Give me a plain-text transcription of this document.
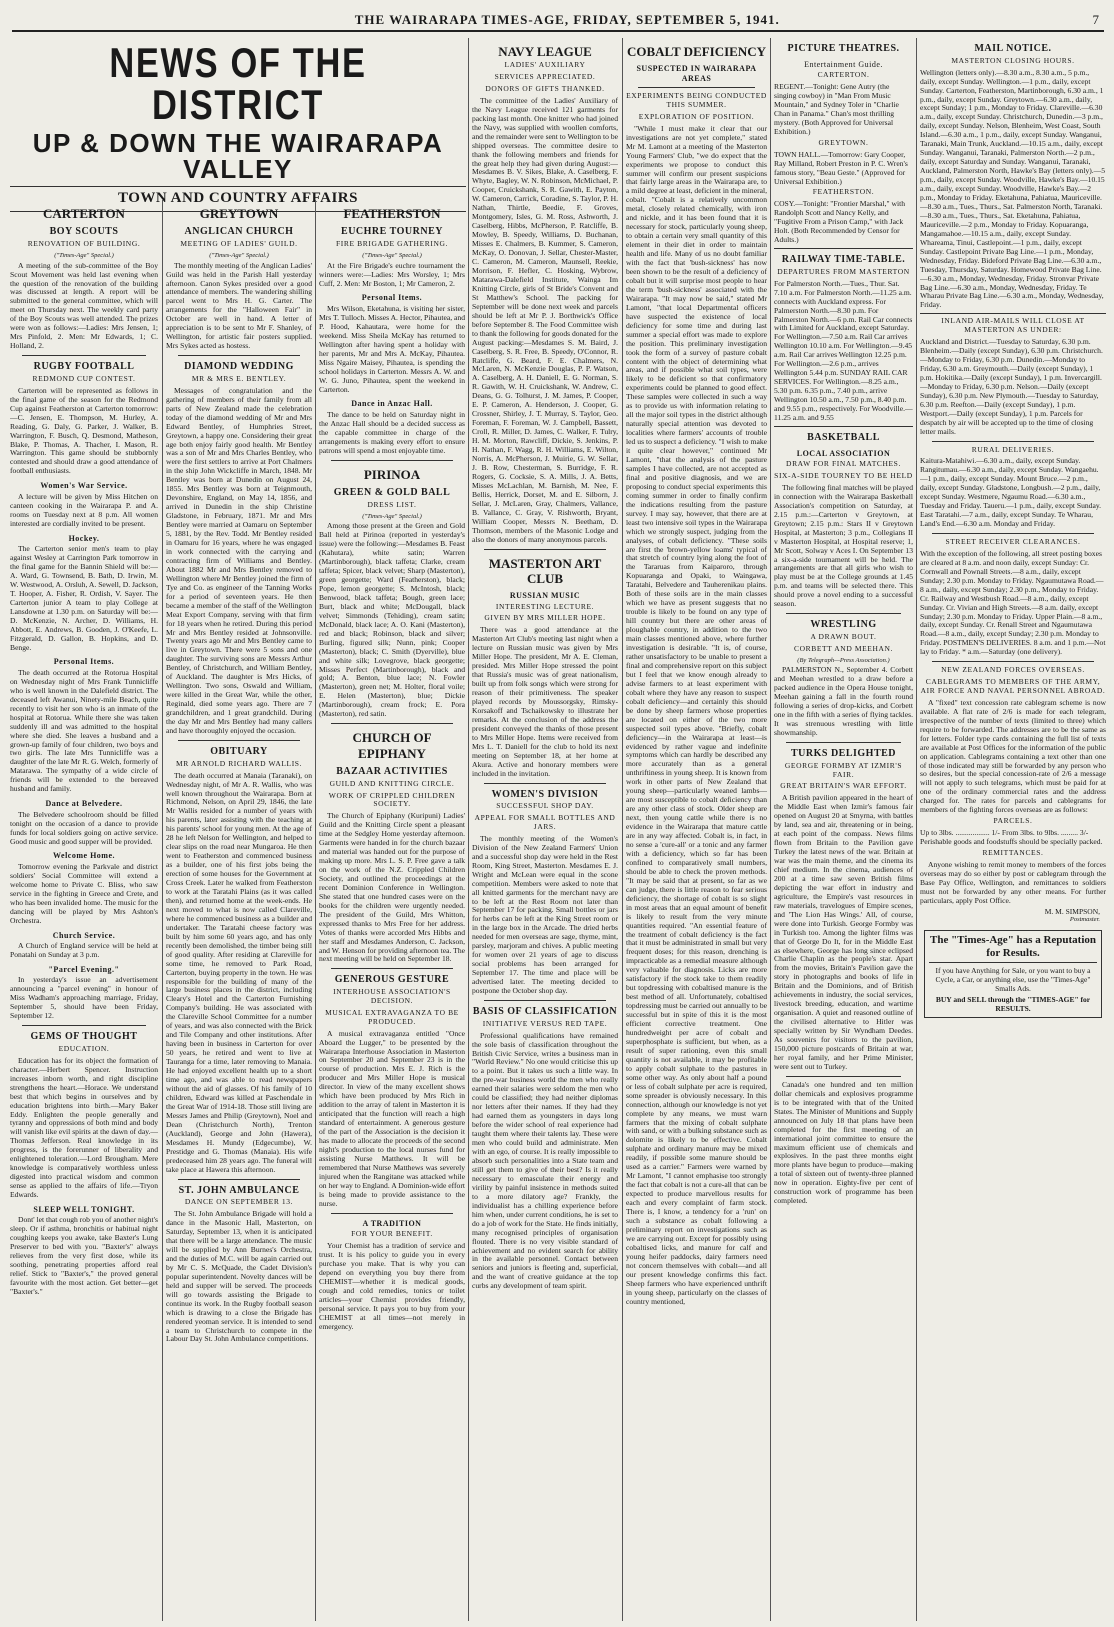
THE WAIRARAPA TIMES-AGE, FRIDAY, SEPTEMBER 5, 1941.	7
NEWS OF THE DISTRICT
UP & DOWN THE WAIRARAPA VALLEY
TOWN AND COUNTRY AFFAIRS
CARTERTON
BOY SCOUTS
RENOVATION OF BUILDING.
("Times-Age" Special.)

A meeting of the sub-committee of the Boy Scout Movement was held last evening when the question of the renovation of the building was discussed at length. A report will be submitted to the general committee, which will meet on Thursday next. The weekly card party of the Boy Scouts was well attended. The prizes were won as follows:—Ladies: Mrs Jensen, 1; Mrs Pinfold, 2. Men: Mr Edwards, 1; C. Holland, 2.

RUGBY FOOTBALL
REDMOND CUP CONTEST.

Carterton will be represented as follows in the final game of the season for the Redmond Cup against Featherston at Carterton tomorrow:—C. Jensen, E. Thompson, M. Hurley, A. Reading, G. Daly, G. Parker, J. Walker, B. Warrington, F. Busch, Q. Desmond, Matheson, Blake, P. Thomas, A. Thacher, I. Mason, R. Warrington. This game should be stubbornly contested and should draw a good attendance of football enthusiasts.

Women's War Service.

A lecture will be given by Miss Hitchen on canteen cooking in the Wairarapa P. and A. rooms on Tuesday next at 8 p.m. All women interested are cordially invited to be present.

Hockey.

The Carterton senior men's team to play against Wesley at Carrington Park tomorrow in the final game for the Bannin Shield will be:—A. Ward, G. Townsend, B. Bath, D. Irwin, M. W. Westwood, A. Orsluh, A. Sewell, D. Jackson, T. Hooper, A. Fisher, R. Ordish, V. Sayer. The Carterton junior A team to play College at Lansdowne at 1.30 p.m. on Saturday will be:—D. McKenzie, N. Archer, D. Williams, H. Abbott, E. Andrews, B. Gooden, J. O'Keefe, L. Fitzgerald, D. Gallon, B. Hopkins, and D. Benge.

Personal Items.

The death occurred at the Rotorua Hospital on Wednesday night of Mrs Frank Tunnicliffe who is well known in the Dalefield district. The deceased left Awanui, Ninety-mile Beach, quite recently to visit her son who is an inmate of the hospital at Rotorua. While there she was taken suddenly ill and was admitted to the hospital where she died. She leaves a husband and a grown-up family of four children, two boys and two girls. The late Mrs Tunnicliffe was a daughter of the late Mr R. G. Welch, formerly of Matarawa. The sympathy of a wide circle of friends will be extended to the bereaved husband and family.

Dance at Belvedere.

The Belvedere schoolroom should be filled tonight on the occasion of a dance to provide funds for local soldiers going on active service. Good music and good supper will be provided.

Welcome Home.

Tomorrow evening the Parkvale and district soldiers' Social Committee will extend a welcome home to Private C. Bliss, who saw service in the fighting in Greece and Crete, and who has been invalided home. The music for the dancing will be played by Mrs Ashton's Orchestra.

Church Service.

A Church of England service will be held at Ponatahi on Sunday at 3 p.m.

"Parcel Evening."

In yesterday's issue an advertisement announcing a "parcel evening" in honour of Miss Wadham's approaching marriage, Friday, September 5, should have been Friday, September 12.

GEMS OF THOUGHT
EDUCATION.

Education has for its object the formation of character.—Herbert Spencer. Instruction increases inborn worth, and right discipline strengthens the heart.—Horace. We understand best that which begins in ourselves and by education brightens into birth.—Mary Baker Eddy. Enlighten the people generally and tyranny and oppressions of both mind and body will vanish like evil spirits at the dawn of day.—Thomas Jefferson. Real knowledge in its progress, is the forerunner of liberality and enlightened toleration.—Lord Brougham. Mere knowledge is comparatively worthless unless digested into practical wisdom and common sense as applied to the affairs of life.—Tryon Edwards.

SLEEP WELL TONIGHT.

Dont' let that cough rob you of another night's sleep. Or if asthma, bronchitis or habitual night coughing keeps you awake, take Baxter's Lung Preserver to bed with you. "Baxter's" always relieves from the very first dose, while its soothing, penetrating properties afford real relief. Stick to "Baxter's," the proved general favourite with the most action. Get better—get "Baxter's."

GREYTOWN
ANGLICAN CHURCH
MEETING OF LADIES' GUILD.
("Times-Age" Special.)

The monthly meeting of the Anglican Ladies' Guild was held in the Parish Hall yesterday afternoon. Canon Sykes presided over a good attendance of members. The wandering shilling parcel went to Mrs H. G. Carter. The arrangements for the "Halloween Fair" in October are well in hand. A letter of appreciation is to be sent to Mr F. Shanley, of Wellington, for artistic fair posters supplied. Mrs Sykes acted as hostess.

DIAMOND WEDDING
MR & MRS E. BENTLEY.

Messages of congratulation and the gathering of members of their family from all parts of New Zealand made the celebration today of the diamond wedding of Mr and Mrs Edward Bentley, of Humphries Street, Greytown, a happy one. Considering their great age both enjoy fairly good health. Mr Bentley was a son of Mr and Mrs Charles Bentley, who were the first settlers to arrive at Port Chalmers in the ship John Wickcliffe in March, 1848. Mr Bentley was born at Dunedin on August 24, 1855. Mrs Bentley was born at Teignmouth, Devonshire, England, on May 14, 1856, and arrived in Dunedin in the ship Christine Gladstone, in February, 1871. Mr and Mrs Bentley were married at Oamaru on September 5, 1881, by the Rev. Todd. Mr Bentley resided in Oamaru for 16 years, where he was engaged in work connected with the carrying and contracting firm of Williams and Bentley. About 1882 Mr and Mrs Bentley removed to Wellington where Mr Bentley joined the firm of Tye and Co. as engineer of the Tanning Works for a period of seventeen years. He then became a member of the staff of the Wellington Meat Export Company, serving with that firm for 18 years when he retired. During this period Mr and Mrs Bentley resided at Johnsonville. Twenty years ago Mr and Mrs Bentley came to live in Greytown. There were 5 sons and one daughter. The surviving sons are Messrs Arthur Bentley, of Christchurch, and William Bentley, of Auckland. The daughter is Mrs Hicks, of Wellington. Two sons, Oswald and William, were killed in the Great War, while the other, Reginald, died some years ago. There are 7 grandchildren, and 1 great grandchild. During the day Mr and Mrs Bentley had many callers and have thoroughly enjoyed the occasion.

OBITUARY
MR ARNOLD RICHARD WALLIS.

The death occurred at Manaia (Taranaki), on Wednesday night, of Mr A. R. Wallis, who was well known throughout the Wairarapa. Born at Richmond, Nelson, on April 29, 1846, the late Mr Wallis resided for a number of years with his parents, later assisting with the teaching at his parents' school for young men. At the age of 28 he left Nelson for Wellington, and helped to clear slips on the road near Mungaroa. He then went to Featherston and commenced business as a builder, one of his first jobs being the erection of some houses for the Government at Cross Creek. Later he walked from Featherston to work at the Taratahi Plains (as it was called then), and returned home at the week-ends. He next moved to what is now called Clareville, where he commenced business as a builder and undertaker. The Taratahi cheese factory was built by him some 60 years ago, and has only recently been demolished, the timber being still of good quality. After residing at Clareville for some time, he removed to Park Road, Carterton, buying property in the town. He was responsible for the building of many of the large business places in the district, including Cleary's Hotel and the Carterton Furnishing Company's building. He was associated with the Clareville School Committee for a number of years, and was also connected with the Brick and Tile Company and other institutions. After having been in business in Carterton for over 50 years, he retired and went to live at Tauranga for a time, later removing to Manaia. He had enjoyed excellent health up to a short time ago, and was able to read newspapers without the aid of glasses. Of his family of 10 children, Edward was killed at Paschendale in the Great War of 1914-18. Those still living are Messrs James and Philip (Greytown), Noel and Dean (Christchurch North), Trenton (Auckland), George and John (Hawera), Mesdames H. Mundy (Edgecumbe), W. Prestidge and G. Thomas (Manaia). His wife predeceased him 28 years ago. The funeral will take place at Hawera this afternoon.

ST. JOHN AMBULANCE
DANCE ON SEPTEMBER 13.

The St. John Ambulance Brigade will hold a dance in the Masonic Hall, Masterton, on Saturday, September 13, when it is anticipated that there will be a large attendance. The music will be supplied by Ann Burnes's Orchestra, and the duties of M.C. will be again carried out by Mr C. S. McQuade, the Cadet Division's popular superintendent. Novelty dances will be held and supper will be served. The proceeds will go towards assisting the Brigade to continue its work. In the Rugby football season which is drawing to a close the Brigade has rendered yeoman service. It is intended to send a team to Christchurch to compete in the Labour Day St. John Ambulance competitions.

FEATHERSTON
EUCHRE TOURNEY
FIRE BRIGADE GATHERING.
("Times-Age" Special.)

At the Fire Brigade's euchre tournament the winners were:—Ladies: Mrs Worsley, 1; Mrs Cuff, 2. Men: Mr Boston, 1; Mr Cameron, 2.

Personal Items.

Mrs Wilson, Eketahuna, is visiting her sister, Mrs T. Tulloch. Misses A. Hector, Pihautea, and P. Hood, Kahautara, were home for the weekend. Miss Sheila McKay has returned to Wellington after having spent a holiday with her parents, Mr and Mrs A. McKay, Pihautea. Miss Ngaire Maisey, Pihautea, is spending the school holidays in Carterton. Messrs A. W. and W. G. Juno, Pihautea, spent the weekend in Carterton.

Dance in Anzac Hall.

The dance to be held on Saturday night in the Anzac Hall should be a decided success as the capable committee in charge of the arrangements is making every effort to ensure patrons will spend a most enjoyable time.

PIRINOA
GREEN & GOLD BALL
DRESS LIST.
("Times-Age" Special.)

Among those present at the Green and Gold Ball held at Pirinoa (reported in yesterday's issue) were the following:—Mesdames B. Feast (Kahutara), white satin; Warren (Martinborough), black taffeta; Clarke, cream taffeta; Spicer, black velvet; Sharp (Masterton), green georgette; Ward (Featherston), black; Pope, lemon georgette; S. McIntosh, black; Benwood, black taffeta; Bough, green lace; Burt, black and white; McDougall, black velvet; Simmonds (Tehiding), cream satin; McDonald, black lace; A. O. Kani (Masterton), red and black; Robinson, black and silver; Burling, figured silk; Nunn, pink; Cooper (Masterton), black; C. Smith (Dyerville), blue and white silk; Lovegrove, black georgette; Misses Perfect (Martinborough), black and gold; A. Benton, blue lace; N. Fowler (Masterton), green net; M. Holter, floral voile; E. Helen (Masterton), blue; Dickie (Martinborough), cream frock; E. Pora (Masterton), red satin.

CHURCH OF EPIPHANY
BAZAAR ACTIVITIES
GUILD AND KNITTING CIRCLE.
WORK OF CRIPPLED CHILDREN SOCIETY.

The Church of Epiphany (Kuripuni) Ladies' Guild and the Knitting Circle spent a pleasant time at the Sedgley Home yesterday afternoon. Garments were handed in for the church bazaar and material was handed out for the purpose of making up more. Mrs L. S. P. Free gave a talk on the work of the N.Z. Crippled Children Society, and outlined the proceedings at the recent Dominion Conference in Wellington. She stated that one hundred cases were on the books for the children were urgently needed. The president of the Guild, Mrs Whitton, expressed thanks to Mrs Free for her address. Votes of thanks were accorded Mrs Hibbs and her staff and Mesdames Anderson, C. Jackson, and W. Henson for providing afternoon tea. The next meeting will be held on September 18.

GENEROUS GESTURE
INTERHOUSE ASSOCIATION'S DECISION.
MUSICAL EXTRAVAGANZA TO BE PRODUCED.

A musical extravaganza entitled "Once Aboard the Lugger," to be presented by the Wairarapa Interhouse Association in Masterton on September 20 and September 23 is in the course of production. Mrs E. J. Rich is the producer and Mrs Miller Hope is musical director. In view of the many excellent shows which have been produced by Mrs Rich in addition to the array of talent in Masterton it is anticipated that the function will reach a high standard of entertainment. A generous gesture of the part of the Association is the decision it has made to allocate the proceeds of the second night's production to the local nurses fund for assisting Nurse Matthews. It will be remembered that Nurse Matthews was severely injured when the Rangitane was attacked while on her way to England. A Dominion-wide effort is being made to provide assistance to the nurse.

A TRADITION
FOR YOUR BENEFIT.

Your Chemist has a tradition of service and trust. It is his policy to guide you in every purchase you make. That is why you can depend on everything you buy there from CHEMIST—whether it is medical goods, cough and cold remedies, tonics or toilet articles—your Chemist provides friendly, personal service. It pays you to buy from your CHEMIST at all times—not merely in emergency.

NAVY LEAGUE
LADIES' AUXILIARY
SERVICES APPRECIATED.
DONORS OF GIFTS THANKED.

The committee of the Ladies' Auxiliary of the Navy League received 121 garments for packing last month. One knitter who had joined the Navy, was supplied with woollen comforts, and the remainder were sent to Wellington to be shipped overseas. The committee desire to thank the following members and friends for the great help they had given during August:—Mesdames B. V. Sikes, Blake, A. Caselberg, F. Whyte, Bagley, W. N. Robinson, McMichael, P. Cooper, Cruickshank, S. R. Gawith, E. Payton, W. Cameron, Carrick, Coradine, S. Taylor, P. H. Nathan, Thirtle, Beedie, F. Groves, Montgomery, Isles, G. M. Ross, Ashworth, J. Caselberg, Hibbs, McPherson, P. Ratcliffe, B. Mowley, B. Speedy, Williams, D. Buchanan, Misses E. Chalmers, B. Kummer, S. Cameron, McKay, O. Donovan, J. Sellar, Chester-Master, C. Cameron, M. Cameron, Maunsell, Reekie, Morrison, F. Hefler, C. Hosking, Wybrow, Matarawa-Dalefield Institute, Wainga Im Knitting Circle, girls of St Bride's Convent and St Matthew's School. The packing for September will be done next week and parcels should be left at Mr P. J. Borthwick's Office before September 8. The Food Committee wish to thank the following for goods donated for the August packing:—Mesdames S. M. Baird, J. Caselberg, S. R. Free, B. Speedy, O'Connor, R. Ratcliffe, G. Beard, F. E. Chalmers, N. McLaren, N. McKenzie Douglas, P. P. Watson, A. Caselberg, A. H. Daniell, E. G. Norman, S. R. Gawith, W. H. Cruickshank, W. Andrew, C. Deans, G. G. Tolhurst, J. M. James, P. Cooper, E. P. Cameron, A. Henderson, J. Cooper, G. Crossner, Shirley, J. T. Murray, S. Taylor, Geo. Foreman, F. Foreman, W. J. Campbell, Bassett, Croll, R. Miller, D. James, C. Walker, F. Tulry, H. M. Morton, Rawcliff, Dickie, S. Jenkins, P. H. Nathan, F. Wagg, R. H. Williams, E. Wilton, Norris, A. McPherson, J. Muirie, G. W. Sellar, J. B. Row, Chesterman, S. Burridge, F. R. Rogers, G. Cocksie, S. A. Mills, J. A. Betts, Misses McLachlan, M. Barnish, M. Nee, F. Bellis, Herrick, Dorset, M. and E. Silborn, J. Sellar, J. McLaren, Gray, Chalmers, Vallance, B. Vallance, C. Gray, V. Rishworth, Bryant, William Cooper, Messrs N. Beetham, D. Thomson, members of the Masonic Lodge and also the donors of many anonymous parcels.

MASTERTON ART CLUB
RUSSIAN MUSIC
INTERESTING LECTURE.
GIVEN BY MRS MILLER HOPE.

There was a good attendance at the Masterton Art Club's meeting last night when a lecture on Russian music was given by Mrs Miller Hope. The president, Mr A. E. Cleman, presided. Mrs Miller Hope stressed the point that Russia's music was of great nationalism, built up from folk songs which were strong for reason of their primitiveness. The speaker played records by Moussorgsky, Rimsky-Korsakoff and Tschaikowsky to illustrate her remarks. At the conclusion of the address the president conveyed the thanks of those present to Mrs Miller Hope. Items were received from Mrs L. T. Daniell for the club to hold its next meeting on September 18, at her home at Akura. Active and honorary members were included in the invitation.

WOMEN'S DIVISION
SUCCESSFUL SHOP DAY.
APPEAL FOR SMALL BOTTLES AND JARS.

The monthly meeting of the Women's Division of the New Zealand Farmers' Union and a successful shop day were held in the Rest Room, King Street, Masterton. Mesdames E. J. Wright and McLean were equal in the scone competition. Members were asked to note that all knitted garments for the merchant navy are to be left at the Rest Room not later than September 17 for packing. Small bottles or jars for herbs can be left at the King Street room or in the large box in the Arcade. The dried herbs needed for men overseas are sage, thyme, mint, parsley, marjoram and chives. A public meeting for women over 21 years of age to discuss social problems has been arranged for September 17. The time and place will be advertised later. The meeting decided to postpone the October shop day.

BASIS OF CLASSIFICATION
INITIATIVE VERSUS RED TAPE.

Professional qualifications have remained the sole basis of classification throughout the British Civic Service, writes a business man in "World Review." No one would criticise this up to a point. But it takes us such a little way. In the pre-war business world the men who really earned their salaries were seldom the men who could be classified; they had neither diplomas nor letters after their names. If they had they had earned them as youngsters in days long before the wider school of real experience had taught them where their talents lay. These were men who could build and administrate. Men with an ego, of course. It is really impossible to absorb such personalities into a State team and still get them to give of their best? Is it really necessary to emasculate their energy and virility by painful insistence in methods suited to a more dilatory age? Frankly, the individualist has a chilling experience before him when, under current conditions, he is set to do a job of work for the State. He finds initially, many recognised principles of organisation flouted. There is no very visible standard of achievement and no evident search for ability in the available personnel. Contact between seniors and juniors is fleeting and, superficial, and the want of creative guidance at the top curbs any development of team spirit.

COBALT DEFICIENCY
SUSPECTED IN WAIRARAPA AREAS
EXPERIMENTS BEING CONDUCTED THIS SUMMER.
EXPLORATION OF POSITION.

"While I must make it clear that our investigations are not yet complete," stated Mr M. Lamont at a meeting of the Masterton Young Farmers' Club, "we do expect that the experiments we propose to conduct this summer will confirm our present suspicions that fairly large areas in the Wairarapa are, to a mild degree at least, deficient in the mineral, cobalt. "Cobalt is a relatively uncommon metal, closely related chemically, with iron and nickle, and it has been found that it is necessary for stock, particularly young sheep, to obtain a certain very small quantity of this element in their diet in order to maintain health and life. Many of us no doubt familiar with the fact that 'bush-sickness' has now been shown to be the result of a deficiency of cobalt but it will surprise most people to hear the term 'bush-sickness' associated with the Wairarapa. "It may now be said," stated Mr Lamont, "that local Departmental officers have suspected the existence of local deficiency for some time and during last summer a special effort was made to explore the position. This preliminary investigation took the form of a survey of pasture cobalt content with the object of determining what areas, and if possible what soil types, were likely to be deficient so that confirmatory experiments could be planned to good effect. These samples were collected in such a way as to provide us with information relating to all the major soil types in the district although naturally special attention was devoted to localities where farmers' accounts of trouble led us to suspect a deficiency. "I wish to make it quite clear however," continued Mr Lamont, "that the analysis of the pasture samples I have collected, are not accepted as final and positive diagnosis, and we are proposing to conduct special experiments this coming summer in order to finally confirm the indications resulting from the pasture survey. I may say, however, that there are at least two intensive soil types in the Wairarapa which we strongly suspect, judging from the analyses, of cobalt deficiency. "These soils are first the 'brown-yellow loams' typical of that stretch of country lying along the foot of the Tararuas from Kaiparoro, through Kopuaranga and Opaki, to Waingawa, Taratahi, Belvedere and Tauherenikau plains. Both of these soils are in the main classes which we have as present suggests that no trouble is likely to be found on any type of hill country but there are other areas of ploughable country, in addition to the two main classes mentioned above, where further investigation is desirable. "It is, of course, rather unsatisfactory to be unable to present a final and comprehensive report on this subject but I feel that we know enough already to advise farmers to at least experiment with cobalt where they have any reason to suspect cobalt deficiency—and certainly this should be done by sheep farmers whose properties are located on either of the two more suspected soil types above. "Briefly, cobalt deficiency—in the Wairarapa at least—is evidenced by rather vague and indefinite symptoms which can hardly be described any more accurately than as a general unthriftiness in young sheep. It is known from work in other parts of New Zealand that young sheep—particularly weaned lambs—are most susceptible to cobalt deficiency than are any other class of stock. Older sheep are next, then young cattle while there is no evidence in the Wairarapa that mature cattle are in any way affected. Cobalt is, in fact, in no sense a 'cure-all' or a tonic and any farmer with a deficiency, which so far has been confined to comparatively small numbers, should be able to check the proven methods. "It may be said that at present, so far as we can judge, there is little reason to fear serious deficiency, the shortage of cobalt is so slight in most areas that an equal amount of benefit is likely to result from the very minute quantities required. "An essential feature of the treatment of cobalt deficiency is the fact that it must be administrated in small but very frequent doses; for this reason, drenching is impracticable as a remedial measure although very valuable for diagnosis. Licks are more satisfactory if the stock take to them readily but topdressing with cobaltised manure is the best method of all. Unfortunately, cobaltised topdressing must be carried out annually to be successful but in spite of this it is the most efficient corrective treatment. One hundredweight per acre of cobalt and superphosphate is sufficient, but when, as a result of super rationing, even this small quantity is not available, it may be profitable to apply cobalt sulphate to the pastures in some other way. As only about half a pound or less of cobalt sulphate per acre is required, some spreader is obviously necessary. In this connection, although our knowledge is not yet complete by any means, we must warn farmers that the mixing of cobalt sulphate with sand, or with a bulking substance such as dolomite is likely to be effective. Cobalt sulphate and ordinary manure may be mixed readily, if possible some manure should be used as a carrier." Farmers were warned by Mr Lamont, "I cannot emphasise too strongly the fact that cobalt is not a cure-all that can be expected to produce marvellous results for each and every complaint of farm stock. There is, I know, a tendency for a 'run' on such a substance as cobalt following a preliminary report on investigations such as we are carrying out. Except for possibly using cobaltised licks, and manure for calf and young heifer paddocks, dairy farmers need not concern themselves with cobalt—and all our present knowledge confirms this fact. Sheep farmers who have experienced unthrift in young sheep, particularly on the classes of country mentioned,

PICTURE THEATRES.
Entertainment Guide.
CARTERTON.

REGENT.—Tonight: Gene Autry (the singing cowboy) in "Man From Music Mountain," and Sydney Toler in "Charlie Chan in Panama." Chan's most thrilling mystery. (Both Approved for Universal Exhibition.)

GREYTOWN.

TOWN HALL.—Tomorrow: Gary Cooper, Ray Milland, Robert Preston in P. C. Wren's famous story, "Beau Geste." (Approved for Universal Exhibition.)

FEATHERSTON.

COSY.—Tonight: "Frontier Marshal," with Randolph Scott and Nancy Kelly, and "Fugitive From a Prison Camp," with Jack Holt. (Both Recommended by Censor for Adults.)

RAILWAY TIME-TABLE.
DEPARTURES FROM MASTERTON

For Palmerston North.—Tues., Thur. Sat. 7.10 a.m. For Palmerston North.—11.25 a.m. connects with Auckland express. For Palmerston North.—8.30 p.m. For Palmerston North.—6 p.m. Rail Car connects with Limited for Auckland, except Saturday. For Wellington.—7.50 a.m. Rail Car arrives Wellington 10.10 a.m. For Wellington.—9.45 a.m. Rail Car arrives Wellington 12.25 p.m. For Wellington.—2.6 p.m., arrives Wellington 5.44 p.m. SUNDAY RAIL CAR SERVICES. For Wellington.—8.25 a.m., 5.30 p.m. 6.35 p.m., 7.40 p.m., arrive Wellington 10.50 a.m., 7.50 p.m., 8.40 p.m. and 9.55 p.m., respectively. For Woodville.—11.25 a.m. and 9.55

BASKETBALL
LOCAL ASSOCIATION
DRAW FOR FINAL MATCHES.
SIX-A-SIDE TOURNEY TO BE HELD

The following final matches will be played in connection with the Wairarapa Basketball Association's competition on Saturday, at 2.15 p.m.:—Carterton v Greytown, at Greytown; 2.15 p.m.: Stars II v Greytown Hospital, at Masterton; 3 p.m., Collegians II v Masterton Hospital, at Hospital reserve; 1, Mr Scott, Solway v Aces I. On September 13 a six-a-side tournament will be held. The arrangements are that all girls who wish to play must be at the College grounds at 1.45 p.m. and teams will be selected there. This should prove a novel ending to a successful season.

WRESTLING
A DRAWN BOUT.
CORBETT AND MEEHAN.
(By Telegraph—Press Association.)

PALMERSTON N., September 4. Corbett and Meehan wrestled to a draw before a packed audience in the Opera House tonight, Meehan gaining a fall in the fourth round following a series of drop-kicks, and Corbett one in the fifth with a series of flying tackles. It was strenuous wrestling with little showmanship.

TURKS DELIGHTED
GEORGE FORMBY AT IZMIR'S FAIR.
GREAT BRITAIN'S WAR EFFORT.

A British pavilion appeared in the heart of the Middle East when Izmir's famous fair opened on August 20 at Smyrna, with battles by land, sea and air, threatening or in being, at each point of the compass. News films flown from Britain to the Pavilion gave Turkey the latest news of the war. Britain at war was the main theme, and the cinema its chief medium. In the cinema, audiences of 200 at a time saw seven British films depicting the war effort in industry and agriculture, the Empire's vast resources in raw materials, travelogues of Empire scenes, and 'The Lion Has Wings.' All, of course, were done into Turkish. George Formby was in Turkish too. Among the lighter films was that of George Do It, for in the Middle East as elsewhere, George has long since eclipsed Charlie Chaplin as the people's star. Apart from the movies, Britain's Pavilion gave the story in photographs and books of life in Britain and the Dominions, and of British achievements in industry, the social services, livestock breeding, education, and wartime organisation. A quiet and reasoned outline of the civilised alternative to Hitler was specially written by Sir Wyndham Deedes. As souvenirs for visitors to the pavilion, 150,000 picture postcards of Britain at war, her royal family, and her Prime Minister, were sent out to Turkey.

Canada's one hundred and ten million dollar chemicals and explosives programme is to be integrated with that of the United States. The Minister of Munitions and Supply announced on July 18 that plans have been completed for the first meeting of an international joint committee to ensure the maximum efficient use of chemicals and explosives. In the past three months eight more plants have begun to produce—making a total of sixteen out of twenty-three planned now in operation. Eighty-five per cent of construction work of programme has been completed.

MAIL NOTICE.
MASTERTON CLOSING HOURS.

Wellington (letters only).—8.30 a.m., 8.30 a.m., 5 p.m., daily, except Sunday. Wellington.—1 p.m., daily, except Sunday. Carterton, Featherston, Martinborough, 6.30 a.m., 1 p.m., daily, except Sunday. Greytown.—6.30 a.m., daily, except Sunday; 1 p.m., Monday to Friday. Clareville.—6.30 a.m., daily, except Sunday. Christchurch, Dunedin.—3 p.m., daily, except Sunday. Nelson, Blenheim, West Coast, South Island.—6.30 a.m., 1 p.m., daily, except Sunday. Wanganui, Taranaki, Main Trunk, Auckland.—10.15 a.m., daily, except Sunday. Wanganui, Taranaki, Palmerston North.—2 p.m., daily, except Saturday and Sunday. Wanganui, Taranaki, Auckland, Palmerston North, Hawke's Bay (letters only).—5 p.m., daily, except Sunday. Woodville, Hawke's Bay.—10.15 a.m., daily, except Sunday. Woodville, Hawke's Bay.—2 p.m., Monday to Friday. Eketahuna, Pahiatua, Mauriceville.—8.30 a.m., Tues., Thurs., Sat. Palmerston North, Taranaki.—8.30 a.m., Tues., Thurs., Sat. Eketahuna, Pahiatua, Mauriceville.—2 p.m., Monday to Friday. Kopuaranga, Mangamahoe.—10.15 a.m., daily, except Sunday. Whareama, Tinui, Castlepoint.—1 p.m., daily, except Sunday. Castlepoint Private Bag Line.—1 p.m., Monday, Wednesday, Friday. Bideford Private Bag Line.—6.30 a.m., Tuesday, Thursday, Saturday. Homewood Private Bag Line.—6.30 a.m., Monday, Wednesday, Friday. Stronvar Private Bag Line.—6.30 a.m., Monday, Wednesday, Friday. Te Wharau Private Bag Line.—6.30 a.m., Monday, Wednesday, Friday.

INLAND AIR-MAILS WILL CLOSE AT MASTERTON AS UNDER:

Auckland and District.—Tuesday to Saturday, 6.30 p.m. Blenheim.—Daily (except Sunday), 6.30 p.m. Christchurch.—Monday to Friday, 6.30 p.m. Dunedin.—Monday to Friday, 6.30 a.m. Greymouth.—Daily (except Sunday), 1 p.m. Hokitika.—Daily (except Sunday), 1 p.m. Invercargill.—Monday to Friday, 6.30 p.m. Nelson.—Daily (except Sunday), 6.30 p.m. New Plymouth.—Tuesday to Saturday, 6.30 p.m. Reefton.—Daily (except Sunday), 1 p.m. Westport.—Daily (except Sunday), 1 p.m. Parcels for despatch by air will be accepted up to the time of closing letter mails.

RURAL DELIVERIES.

Kaitura-Matahiwi.—6.30 a.m., daily, except Sunday. Rangitumau.—6.30 a.m., daily, except Sunday. Wangaehu.—1 p.m., daily, except Sunday. Mount Bruce.—2 p.m., daily, except Sunday. Gladstone, Longbush.—2 p.m., daily, except Sunday. Westmere, Ngaumu Road.—6.30 a.m., Tuesday and Friday. Taueru.—1 p.m., daily, except Sunday. East Taratahi.—7 a.m., daily, except Sunday. Te Wharau, Land's End.—6.30 a.m. Monday and Friday.

STREET RECEIVER CLEARANCES.

With the exception of the following, all street posting boxes are cleared at 8 a.m. and noon daily, except Sunday: Cr. Cornwall and Pownall Streets.—8 a.m., daily, except Sunday; 2.30 p.m. Monday to Friday. Ngaumutawa Road.—8 a.m., daily, except Sunday; 2.30 p.m., Monday to Friday. Cr. Railway and Westbush Road.—8 a.m., daily, except Sunday. Cr. Vivian and High Streets.—8 a.m. daily, except Sunday; 2.30 p.m. Monday to Friday. Upper Plain.—8 a.m., daily, except Sunday. Cr. Renall Street and Ngaumutawa Road.—8 a.m., daily, except Sunday; 2.30 p.m. Monday to Friday. POSTMEN'S DELIVERIES. 8 a.m. and 1 p.m.—Not lay to Friday. * a.m.—Saturday (one delivery).

NEW ZEALAND FORCES OVERSEAS.
CABLEGRAMS TO MEMBERS OF THE ARMY, AIR FORCE AND NAVAL PERSONNEL ABROAD.

A "fixed" text concession rate cablegram scheme is now available. A flat rate of 2/6 is made for each telegram, irrespective of the number of texts (limited to three) which require to be forwarded. The addresses are to be the same as for letters. Folder type cards containing the full list of texts are available at Post Offices for the information of the public on application. Cablegrams containing a text other than one of those indicated may still be forwarded by any person who so desires, but the special concession-rate of 2/6 a message will not apply to such telegrams, which must be paid for at one of the ordinary commercial rates and the address charged for. The rates for parcels and cablegrams for members of the fighting forces overseas are as follows:

PARCELS.

Up to 3lbs. .................. 1/- From 3lbs. to 9lbs. ......... 3/- Perishable goods and foodstuffs should be specially packed.

REMITTANCES.

Anyone wishing to remit money to members of the forces overseas may do so either by post or cablegram through the Base Pay Office, Wellington, and remittances to soldiers must not be forwarded by any other means. For further particulars, apply Post Office.

M. M. SIMPSON,
Postmaster.
The "Times-Age" has a Reputation for Results.
If you have Anything for Sale, or you want to buy a Cycle, a Car, or anything else, use the "Times-Age" Smalls Ads.
BUY and SELL through the "TIMES-AGE" for RESULTS.
